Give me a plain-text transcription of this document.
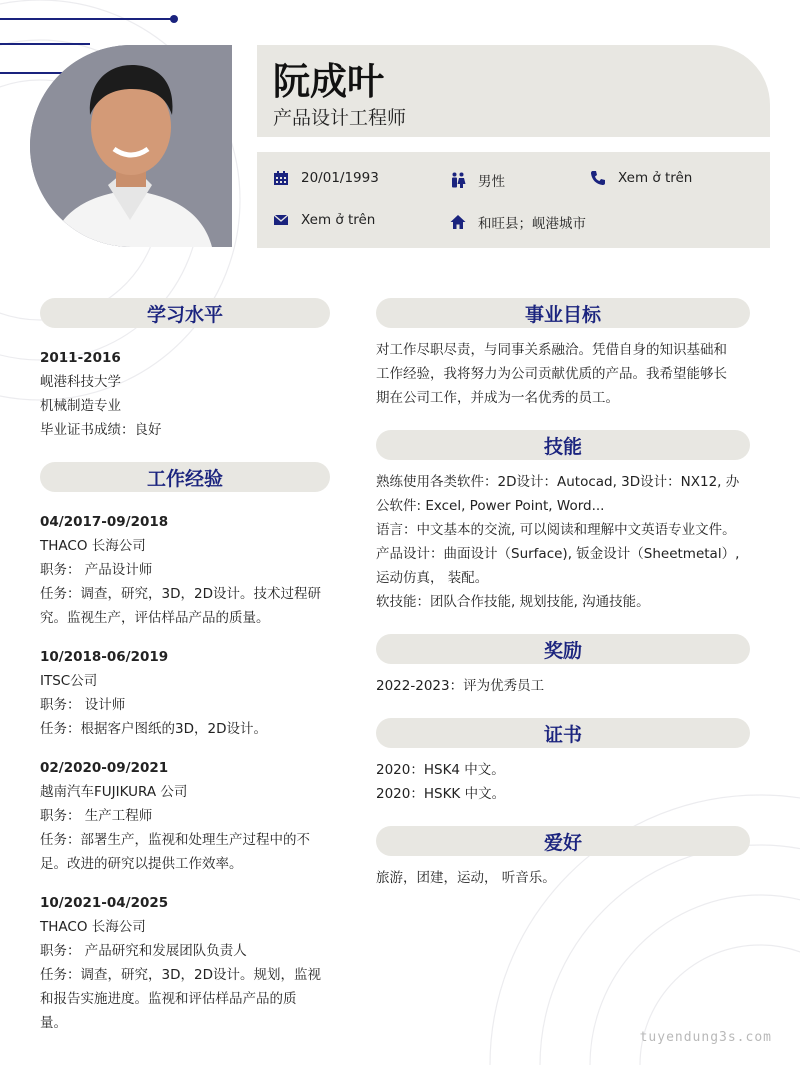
阮成叶
产品设计工程师
20/01/1993	男性	Xem ở trên
Xem ở trên	和旺县；岘港城市
学习水平

2011-2016

岘港科技大学

机械制造专业

毕业证书成绩：良好

工作经验

04/2017-09/2018

THACO 长海公司

职务： 产品设计师

任务：调查，研究，3D，2D设计。技术过程研

究。监视生产，评估样品产品的质量。

10/2018-06/2019

ITSC公司

职务： 设计师

任务：根据客户图纸的3D，2D设计。

02/2020-09/2021

越南汽车FUJIKURA 公司

职务： 生产工程师

任务：部署生产，监视和处理生产过程中的不

足。改进的研究以提供工作效率。

10/2021-04/2025

THACO 长海公司

职务： 产品研究和发展团队负责人

任务：调查，研究，3D，2D设计。规划，监视

和报告实施进度。监视和评估样品产品的质

量。

事业目标

对工作尽职尽责，与同事关系融洽。凭借自身的知识基础和

工作经验，我将努力为公司贡献优质的产品。我希望能够长

期在公司工作，并成为一名优秀的员工。

技能

熟练使用各类软件：2D设计：Autocad, 3D设计：NX12, 办

公软件: Excel, Power Point, Word...

语言：中文基本的交流, 可以阅读和理解中文英语专业文件。

产品设计：曲面设计（Surface), 钣金设计（Sheetmetal）,

运动仿真， 装配。

软技能：团队合作技能, 规划技能, 沟通技能。

奖励

2022-2023：评为优秀员工

证书

2020：HSK4 中文。

2020：HSKK 中文。

爱好

旅游，团建，运动， 听音乐。

tuyendung3s.com
